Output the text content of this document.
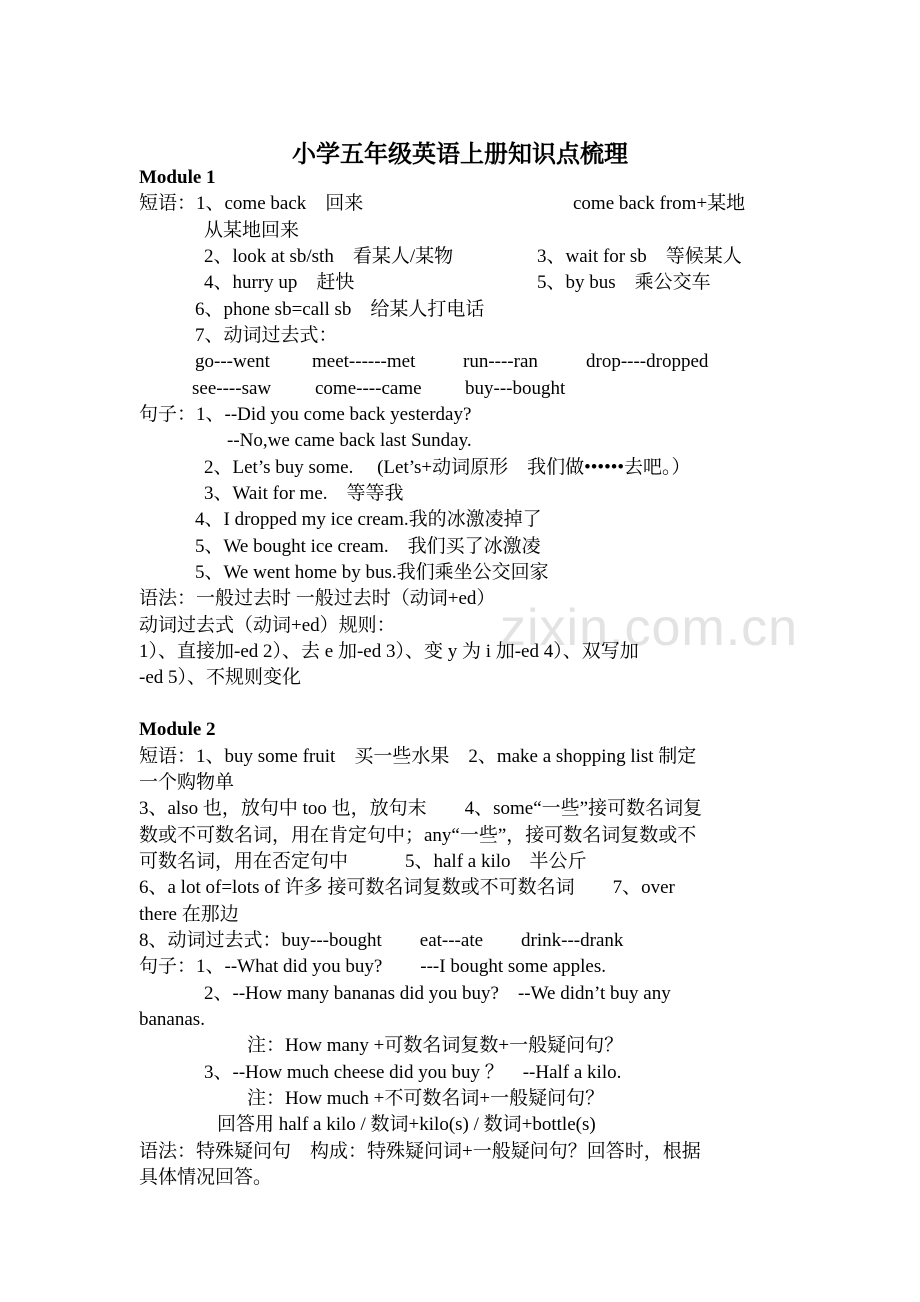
zixin.com.cn
小学五年级英语上册知识点梳理
Module 1
短语：1、come back　回来	come back from+某地
从某地回来
2、look at sb/sth　看某人/某物	3、wait for sb　等候某人
4、hurry up　赶快	5、by bus　乘公交车
6、phone sb=call sb　给某人打电话
7、动词过去式：
go---went meet------met	run----ran	drop----dropped
see----saw come----came buy---bought
句子：1、--Did you come back yesterday?
--No,we came back last Sunday.
2、Let’s buy some.　 (Let’s+动词原形　我们做••••••去吧。）
3、Wait for me.　等等我
4、I dropped my ice cream.我的冰激凌掉了
5、We bought ice cream.　我们买了冰激凌
5、We went home by bus.我们乘坐公交回家
语法：一般过去时 一般过去时（动词+ed）
动词过去式（动词+ed）规则：
1）、直接加-ed 2）、去 e 加-ed 3）、变 y 为 i 加-ed 4）、双写加
-ed 5）、不规则变化
Module 2
短语：1、buy some fruit　买一些水果　2、make a shopping list 制定
一个购物单
3、also 也，放句中 too 也，放句末　　4、some“一些”接可数名词复
数或不可数名词，用在肯定句中；any“一些”，接可数名词复数或不
可数名词，用在否定句中　　　5、half a kilo　半公斤
6、a lot of=lots of 许多 接可数名词复数或不可数名词　　7、over
there 在那边
8、动词过去式：buy---bought　　eat---ate　　drink---drank
句子：1、--What did you buy?　　---I bought some apples.
2、--How many bananas did you buy?　--We didn’t buy any
bananas.
注：How many +可数名词复数+一般疑问句？
3、--How much cheese did you buy ？　--Half a kilo.
注：How much +不可数名词+一般疑问句？
回答用 half a kilo / 数词+kilo(s) / 数词+bottle(s)
语法：特殊疑问句　构成：特殊疑问词+一般疑问句？回答时，根据
具体情况回答。
